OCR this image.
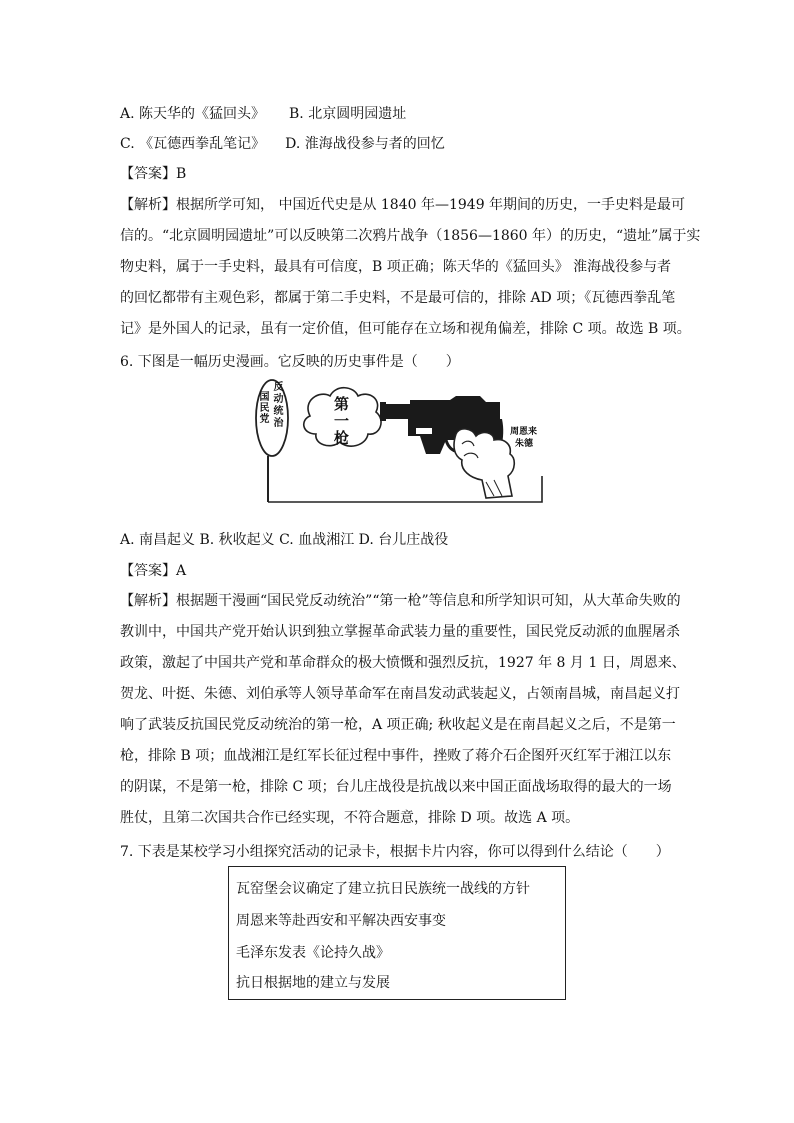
A. 陈天华的《猛回头》 B. 北京圆明园遗址
C. 《瓦德西拳乱笔记》 D. 淮海战役参与者的回忆
【答案】B
【解析】根据所学可知， 中国近代史是从 1840 年—1949 年期间的历史，一手史料是最可
信的。“北京圆明园遗址”可以反映第二次鸦片战争（1856—1860 年）的历史，“遗址”属于实
物史料，属于一手史料，最具有可信度，B 项正确；陈天华的《猛回头》 淮海战役参与者
的回忆都带有主观色彩，都属于第二手史料，不是最可信的，排除 AD 项；《瓦德西拳乱笔
记》是外国人的记录，虽有一定价值，但可能存在立场和视角偏差，排除 C 项。故选 B 项。
6. 下图是一幅历史漫画。它反映的历史事件是（　　）
国民党
反动统治
第一枪	周恩来
朱德
A. 南昌起义 B. 秋收起义 C. 血战湘江 D. 台儿庄战役
【答案】A
【解析】根据题干漫画“国民党反动统治”“第一枪”等信息和所学知识可知，从大革命失败的
教训中，中国共产党开始认识到独立掌握革命武装力量的重要性，国民党反动派的血腥屠杀
政策，激起了中国共产党和革命群众的极大愤慨和强烈反抗，1927 年 8 月 1 日，周恩来、
贺龙、叶挺、朱德、刘伯承等人领导革命军在南昌发动武装起义，占领南昌城，南昌起义打
响了武装反抗国民党反动统治的第一枪，A 项正确; 秋收起义是在南昌起义之后，不是第一
枪，排除 B 项；血战湘江是红军长征过程中事件，挫败了蒋介石企图歼灭红军于湘江以东
的阴谋，不是第一枪，排除 C 项；台儿庄战役是抗战以来中国正面战场取得的最大的一场
胜仗，且第二次国共合作已经实现，不符合题意，排除 D 项。故选 A 项。
7. 下表是某校学习小组探究活动的记录卡，根据卡片内容，你可以得到什么结论（　　）
瓦窑堡会议确定了建立抗日民族统一战线的方针
周恩来等赴西安和平解决西安事变
毛泽东发表《论持久战》
抗日根据地的建立与发展
